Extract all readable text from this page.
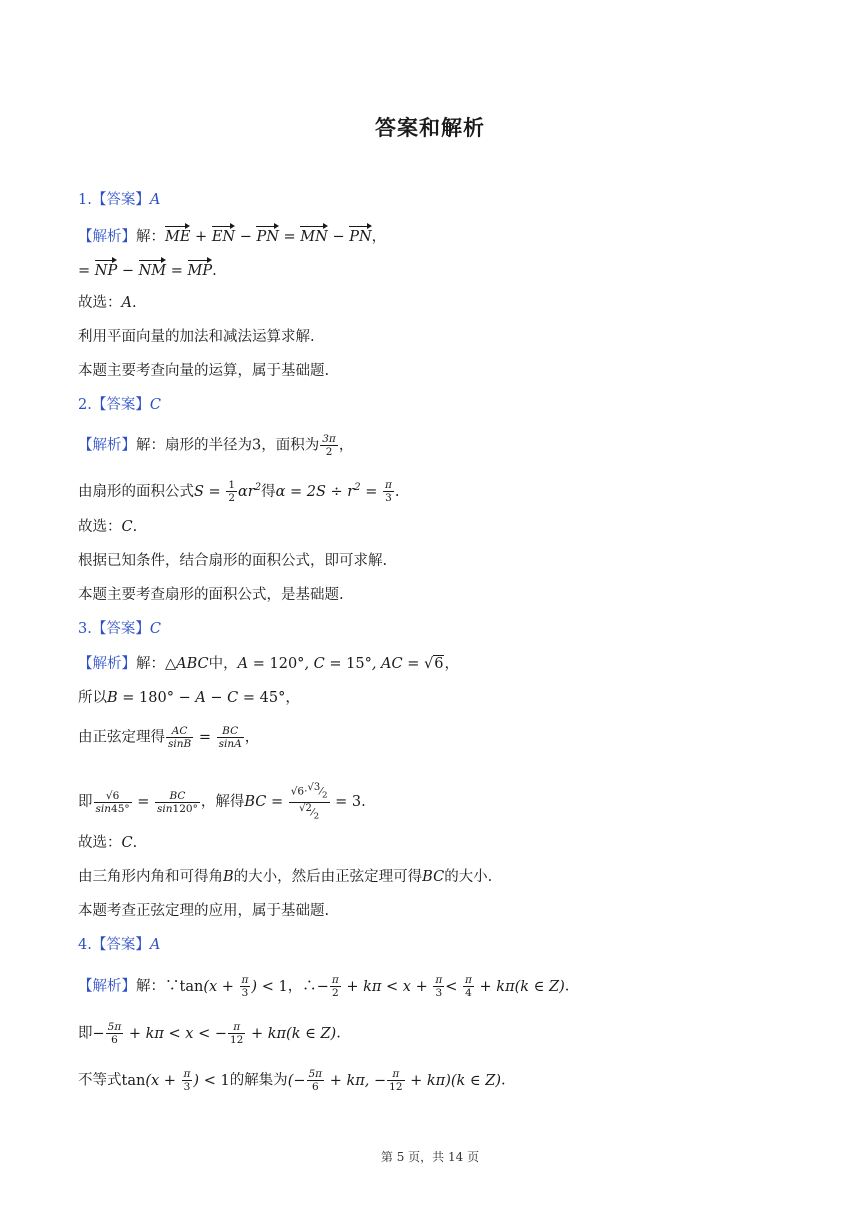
答案和解析
1.【答案】A
【解析】解：ME + EN − PN = MN − PN，
= NP − NM = MP.
故选：A.
利用平面向量的加法和减法运算求解.
本题主要考查向量的运算，属于基础题.
2.【答案】C
【解析】解：扇形的半径为3，面积为 $\frac{3\pi}{2}$ ，
由扇形的面积公式$S = \frac{1}{2} \alpha r^2$得$\alpha = 2S \div r^2 = \frac{\pi}{3}$ .
故选：C.
根据已知条件，结合扇形的面积公式，即可求解.
本题主要考查扇形的面积公式，是基础题.
3.【答案】C
【解析】解：△ABC中，A = 120°, C = 15°, AC = √6，
所以B = 180° − A − C = 45°，
由正弦定理得 $\frac{AC}{\sin B} = \frac{BC}{\sin A}$ ，
即 $\frac{√6}{\sin 45^\circ} = \frac{BC}{\sin 120^\circ}$ ，解得BC = $\frac{√6\cdot^{√3}⁄_2}{^{√2}⁄_2} = 3$.
故选：C.
由三角形内角和可得角B的大小，然后由正弦定理可得BC的大小.
本题考查正弦定理的应用，属于基础题.
4.【答案】A
【解析】解：∵tan(x + $\frac{\pi}{3}$ ) < 1，∴− $\frac{\pi}{2} + k\pi < x + \frac{\pi}{3} < \frac{\pi}{4} + k\pi(k$ ∈ Z).
即− $\frac{5\pi}{6} + k\pi < x$ < − $\frac{\pi}{12} + k\pi(k$ ∈ Z).
不等式$\tan(x + \frac{\pi}{3}$ ) < 1的解集为(− $\frac{5\pi}{6} + k\pi$, − $\frac{\pi}{12} + k\pi)(k$ ∈ Z).
第 5 页，共 14 页
